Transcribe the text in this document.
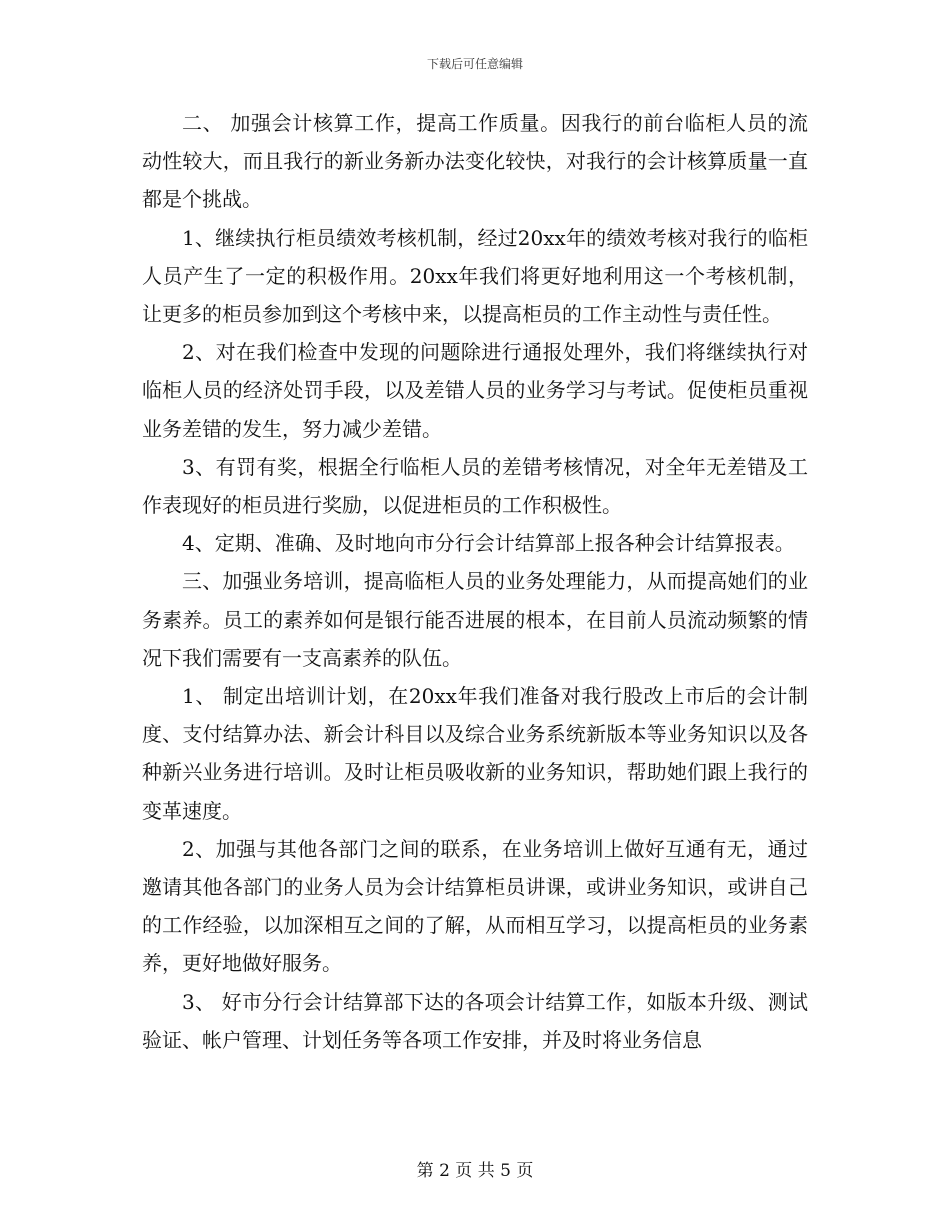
下载后可任意编辑

二、 加强会计核算工作，提高工作质量。因我行的前台临柜人员的流动性较大，而且我行的新业务新办法变化较快，对我行的会计核算质量一直都是个挑战。

1、继续执行柜员绩效考核机制，经过20xx年的绩效考核对我行的临柜人员产生了一定的积极作用。20xx年我们将更好地利用这一个考核机制，让更多的柜员参加到这个考核中来，以提高柜员的工作主动性与责任性。

2、对在我们检查中发现的问题除进行通报处理外，我们将继续执行对临柜人员的经济处罚手段，以及差错人员的业务学习与考试。促使柜员重视业务差错的发生，努力减少差错。

3、有罚有奖，根据全行临柜人员的差错考核情况，对全年无差错及工作表现好的柜员进行奖励，以促进柜员的工作积极性。

4、定期、准确、及时地向市分行会计结算部上报各种会计结算报表。

三、加强业务培训，提高临柜人员的业务处理能力，从而提高她们的业务素养。员工的素养如何是银行能否进展的根本，在目前人员流动频繁的情况下我们需要有一支高素养的队伍。

1、 制定出培训计划，在20xx年我们准备对我行股改上市后的会计制度、支付结算办法、新会计科目以及综合业务系统新版本等业务知识以及各种新兴业务进行培训。及时让柜员吸收新的业务知识，帮助她们跟上我行的变革速度。

2、加强与其他各部门之间的联系，在业务培训上做好互通有无，通过邀请其他各部门的业务人员为会计结算柜员讲课，或讲业务知识，或讲自己的工作经验，以加深相互之间的了解，从而相互学习，以提高柜员的业务素养，更好地做好服务。

3、 好市分行会计结算部下达的各项会计结算工作，如版本升级、测试验证、帐户管理、计划任务等各项工作安排，并及时将业务信息

第 2 页 共 5 页
